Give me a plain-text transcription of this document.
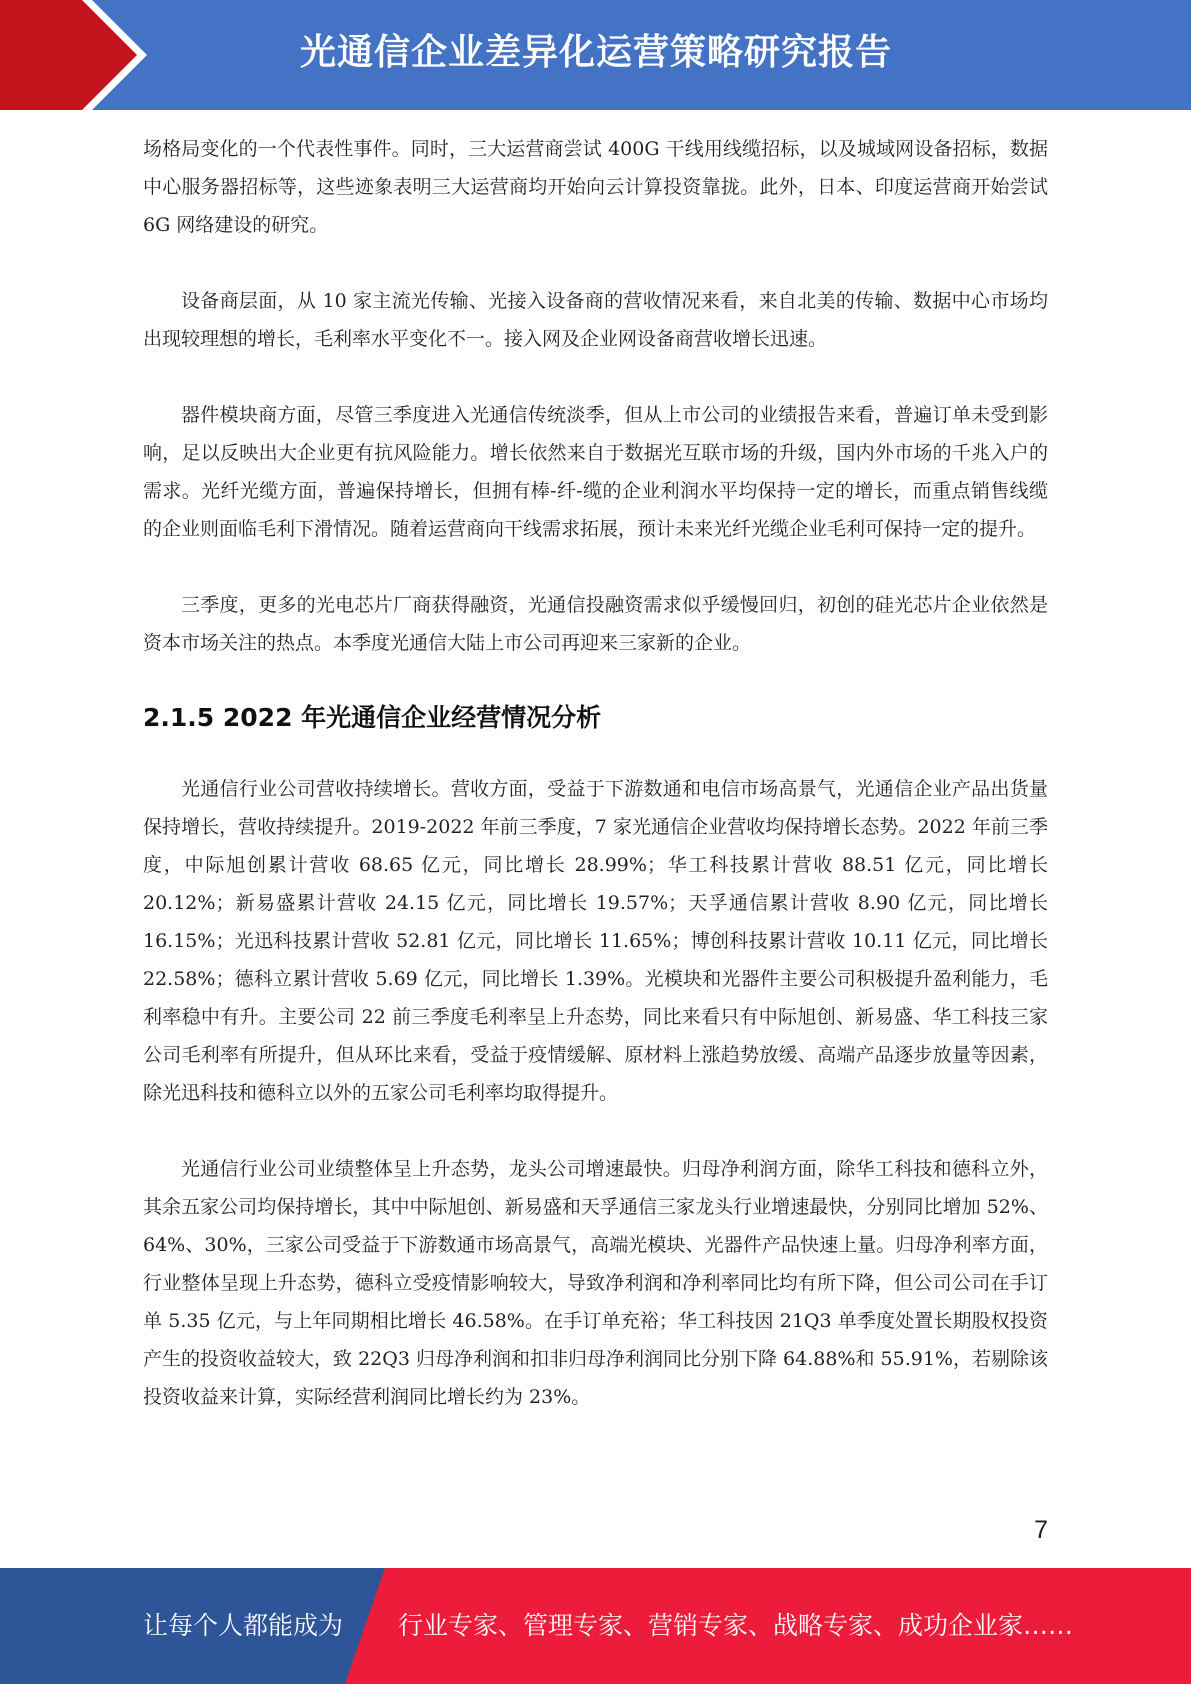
光通信企业差异化运营策略研究报告

场格局变化的一个代表性事件。同时，三大运营商尝试 400G 干线用线缆招标，以及城域网设备招标，数据中心服务器招标等，这些迹象表明三大运营商均开始向云计算投资靠拢。此外，日本、印度运营商开始尝试 6G 网络建设的研究。

设备商层面，从 10 家主流光传输、光接入设备商的营收情况来看，来自北美的传输、数据中心市场均出现较理想的增长，毛利率水平变化不一。接入网及企业网设备商营收增长迅速。

器件模块商方面，尽管三季度进入光通信传统淡季，但从上市公司的业绩报告来看，普遍订单未受到影响，足以反映出大企业更有抗风险能力。增长依然来自于数据光互联市场的升级，国内外市场的千兆入户的需求。光纤光缆方面，普遍保持增长，但拥有棒-纤-缆的企业利润水平均保持一定的增长，而重点销售线缆的企业则面临毛利下滑情况。随着运营商向干线需求拓展，预计未来光纤光缆企业毛利可保持一定的提升。

三季度，更多的光电芯片厂商获得融资，光通信投融资需求似乎缓慢回归，初创的硅光芯片企业依然是资本市场关注的热点。本季度光通信大陆上市公司再迎来三家新的企业。

2.1.5 2022 年光通信企业经营情况分析

光通信行业公司营收持续增长。营收方面，受益于下游数通和电信市场高景气，光通信企业产品出货量保持增长，营收持续提升。2019-2022 年前三季度，7 家光通信企业营收均保持增长态势。2022 年前三季度，中际旭创累计营收 68.65 亿元，同比增长 28.99%；华工科技累计营收 88.51 亿元，同比增长 20.12%；新易盛累计营收 24.15 亿元，同比增长 19.57%；天孚通信累计营收 8.90 亿元，同比增长 16.15%；光迅科技累计营收 52.81 亿元，同比增长 11.65%；博创科技累计营收 10.11 亿元，同比增长 22.58%；德科立累计营收 5.69 亿元，同比增长 1.39%。光模块和光器件主要公司积极提升盈利能力，毛利率稳中有升。主要公司 22 前三季度毛利率呈上升态势，同比来看只有中际旭创、新易盛、华工科技三家公司毛利率有所提升，但从环比来看，受益于疫情缓解、原材料上涨趋势放缓、高端产品逐步放量等因素，除光迅科技和德科立以外的五家公司毛利率均取得提升。

光通信行业公司业绩整体呈上升态势，龙头公司增速最快。归母净利润方面，除华工科技和德科立外，其余五家公司均保持增长，其中中际旭创、新易盛和天孚通信三家龙头行业增速最快，分别同比增加 52%、64%、30%，三家公司受益于下游数通市场高景气，高端光模块、光器件产品快速上量。归母净利率方面，行业整体呈现上升态势，德科立受疫情影响较大，导致净利润和净利率同比均有所下降，但公司公司在手订单 5.35 亿元，与上年同期相比增长 46.58%。在手订单充裕；华工科技因 21Q3 单季度处置长期股权投资产生的投资收益较大，致 22Q3 归母净利润和扣非归母净利润同比分别下降 64.88%和 55.91%，若剔除该投资收益来计算，实际经营利润同比增长约为 23%。

7
让每个人都能成为 行业专家、管理专家、营销专家、战略专家、成功企业家……
